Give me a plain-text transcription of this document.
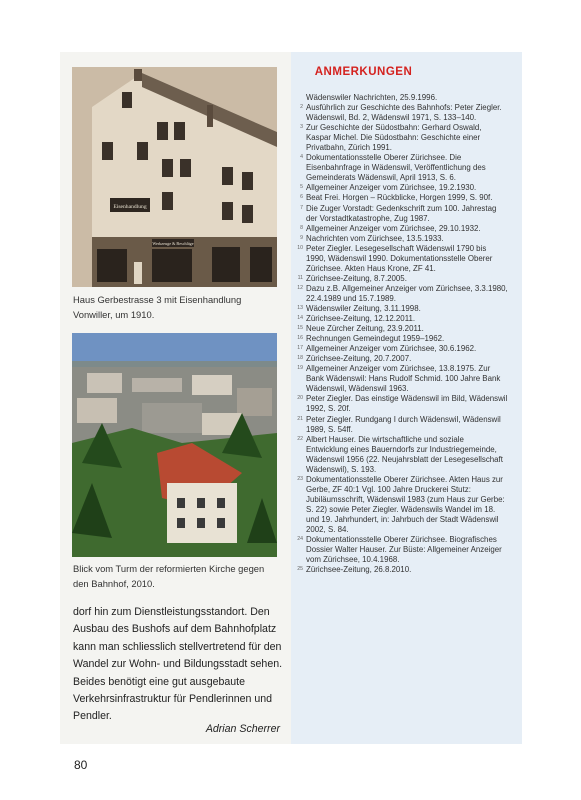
Eisenhandlung
Werkzeuge & Beschläge
Haus Gerbestrasse 3 mit Eisenhandlung Vonwiller, um 1910.
Blick vom Turm der reformierten Kirche gegen den Bahnhof, 2010.
dorf hin zum Dienstleistungsstandort. Den Ausbau des Bushofs auf dem Bahnhofplatz kann man schliesslich stellvertretend für den Wandel zur Wohn- und Bildungsstadt sehen. Beides benötigt eine gut ausgebaute Verkehrsinfrastruktur für Pendlerinnen und Pendler.
Adrian Scherrer
80
ANMERKUNGEN
Wädenswiler Nachrichten, 25.9.1996.
2 Ausführlich zur Geschichte des Bahnhofs: Peter Ziegler. Wädenswil, Bd. 2, Wädenswil 1971, S. 133–140.
3 Zur Geschichte der Südostbahn: Gerhard Oswald, Kaspar Michel. Die Südostbahn: Geschichte einer Privatbahn, Zürich 1991.
4 Dokumentationsstelle Oberer Zürichsee. Die Eisenbahnfrage in Wädenswil, Veröffentlichung des Gemeinderats Wädenswil, April 1913, S. 6.
5 Allgemeiner Anzeiger vom Zürichsee, 19.2.1930.
6 Beat Frei. Horgen – Rückblicke, Horgen 1999, S. 90f.
7 Die Zuger Vorstadt: Gedenkschrift zum 100. Jahrestag der Vorstadtkatastrophe, Zug 1987.
8 Allgemeiner Anzeiger vom Zürichsee, 29.10.1932.
9 Nachrichten vom Zürichsee, 13.5.1933.
10 Peter Ziegler. Lesegesellschaft Wädenswil 1790 bis 1990, Wädenswil 1990. Dokumentationsstelle Oberer Zürichsee. Akten Haus Krone, ZF 41.
11 Zürichsee-Zeitung, 8.7.2005.
12 Dazu z.B. Allgemeiner Anzeiger vom Zürichsee, 3.3.1980, 22.4.1989 und 15.7.1989.
13 Wädenswiler Zeitung, 3.11.1998.
14 Zürichsee-Zeitung, 12.12.2011.
15 Neue Zürcher Zeitung, 23.9.2011.
16 Rechnungen Gemeindegut 1959–1962.
17 Allgemeiner Anzeiger vom Zürichsee, 30.6.1962.
18 Zürichsee-Zeitung, 20.7.2007.
19 Allgemeiner Anzeiger vom Zürichsee, 13.8.1975. Zur Bank Wädenswil: Hans Rudolf Schmid. 100 Jahre Bank Wädenswil, Wädenswil 1963.
20 Peter Ziegler. Das einstige Wädenswil im Bild, Wädenswil 1992, S. 20f.
21 Peter Ziegler. Rundgang I durch Wädenswil, Wädenswil 1989, S. 54ff.
22 Albert Hauser. Die wirtschaftliche und soziale Entwicklung eines Bauerndorfs zur Industriegemeinde, Wädenswil 1956 (22. Neujahrsblatt der Lesegesellschaft Wädenswil), S. 193.
23 Dokumentationsstelle Oberer Zürichsee. Akten Haus zur Gerbe, ZF 40:1 Vgl. 100 Jahre Druckerei Stutz: Jubiläumsschrift, Wädenswil 1983 (zum Haus zur Gerbe: S. 22) sowie Peter Ziegler. Wädenswils Wandel im 18. und 19. Jahrhundert, in: Jahrbuch der Stadt Wädenswil 2002, S. 84.
24 Dokumentationsstelle Oberer Zürichsee. Biografisches Dossier Walter Hauser. Zur Büste: Allgemeiner Anzeiger vom Zürichsee, 10.4.1968.
25 Zürichsee-Zeitung, 26.8.2010.
